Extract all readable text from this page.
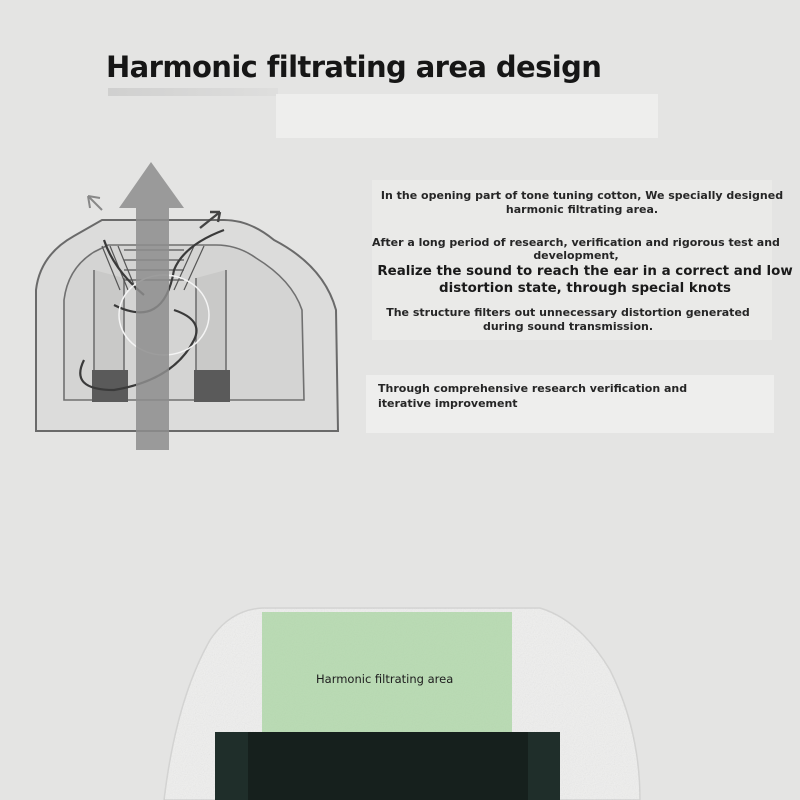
Harmonic filtrating area design
In the opening part of tone tuning cotton, We specially designed harmonic filtrating area.
After a long period of research, verification and rigorous test and development,
Realize the sound to reach the ear in a correct and low distortion state, through special knots
The structure filters out unnecessary distortion generated during sound transmission.
Through comprehensive research verification and iterative improvement
Harmonic filtrating area
